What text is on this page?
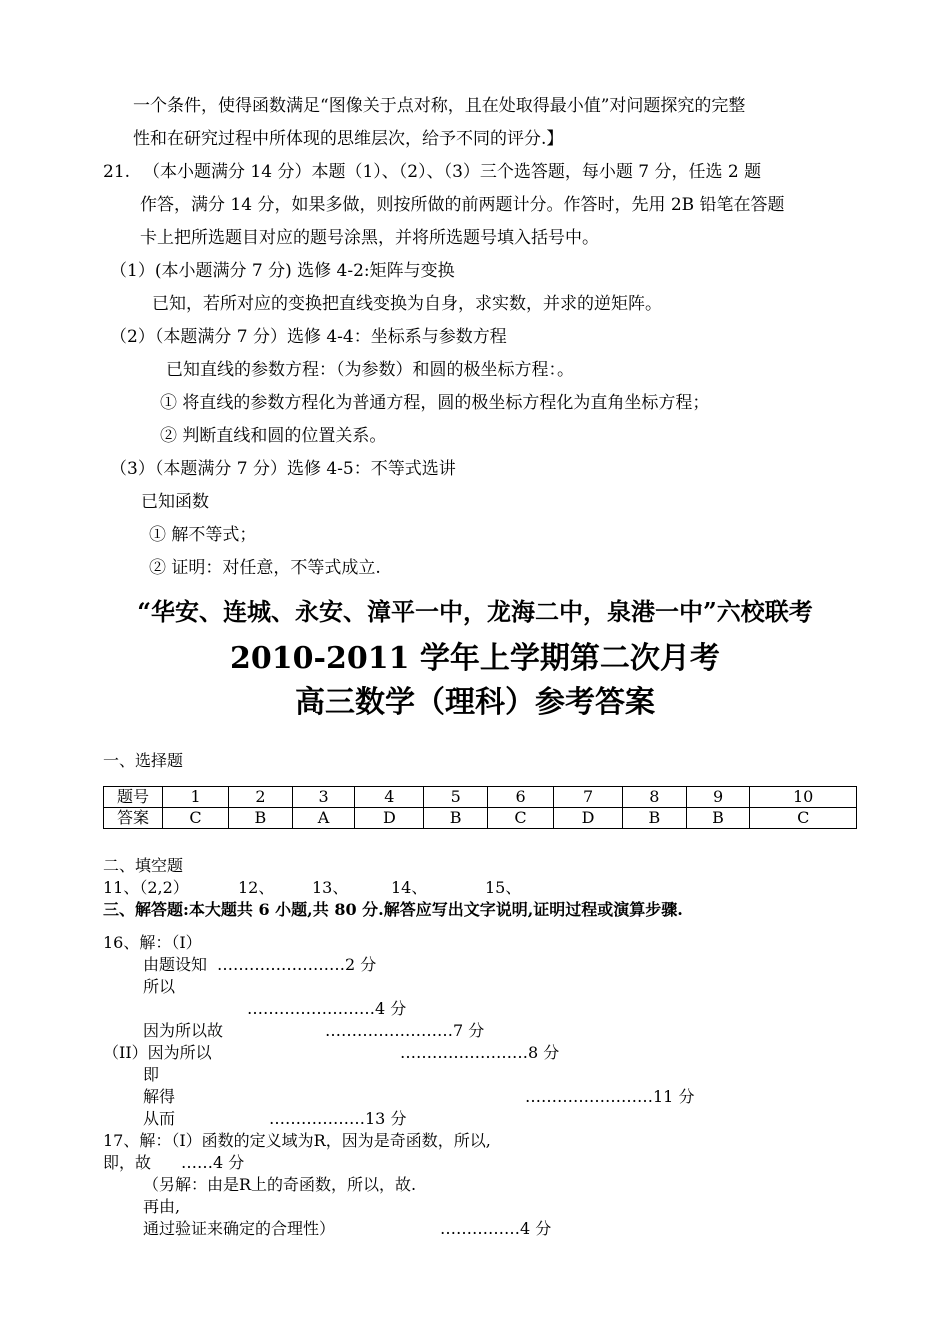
一个条件，使得函数满足“图像关于点对称，且在处取得最小值”对问题探究的完整
性和在研究过程中所体现的思维层次，给予不同的评分.】
21. （本小题满分 14 分）本题（1）、（2）、（3）三个选答题，每小题 7 分，任选 2 题
作答，满分 14 分，如果多做，则按所做的前两题计分。作答时，先用 2B 铅笔在答题
卡上把所选题目对应的题号涂黑，并将所选题号填入括号中。
（1）(本小题满分 7 分) 选修 4-2:矩阵与变换
已知，若所对应的变换把直线变换为自身，求实数，并求的逆矩阵。
（2）（本题满分 7 分）选修 4-4：坐标系与参数方程
已知直线的参数方程：（为参数）和圆的极坐标方程：。
① 将直线的参数方程化为普通方程，圆的极坐标方程化为直角坐标方程；
② 判断直线和圆的位置关系。
（3）（本题满分 7 分）选修 4-5：不等式选讲
已知函数
① 解不等式；
② 证明：对任意，不等式成立.
“华安、连城、永安、漳平一中，龙海二中，泉港一中”六校联考
2010-2011 学年上学期第二次月考
高三数学（理科）参考答案
一、选择题
题号	1	2	3	4	5	6	7	8	9	10
答案	C	B	A	D	B	C	D	B	B	C
二、填空题
11、（2,2）	12、 13、	14、	15、
三、解答题:本大题共 6 小题,共 80 分.解答应写出文字说明,证明过程或演算步骤.
16、解：（I）
由题设知 ……………………2 分
所以
……………………4 分
因为所以故	……………………7 分
（II）因为所以	……………………8 分
即
解得	……………………11 分
从而	………………13 分
17、解：（I）函数的定义域为R，因为是奇函数，所以,
即，故 ……4 分
（另解：由是R上的奇函数，所以，故.
再由,
通过验证来确定的合理性）	……………4 分
